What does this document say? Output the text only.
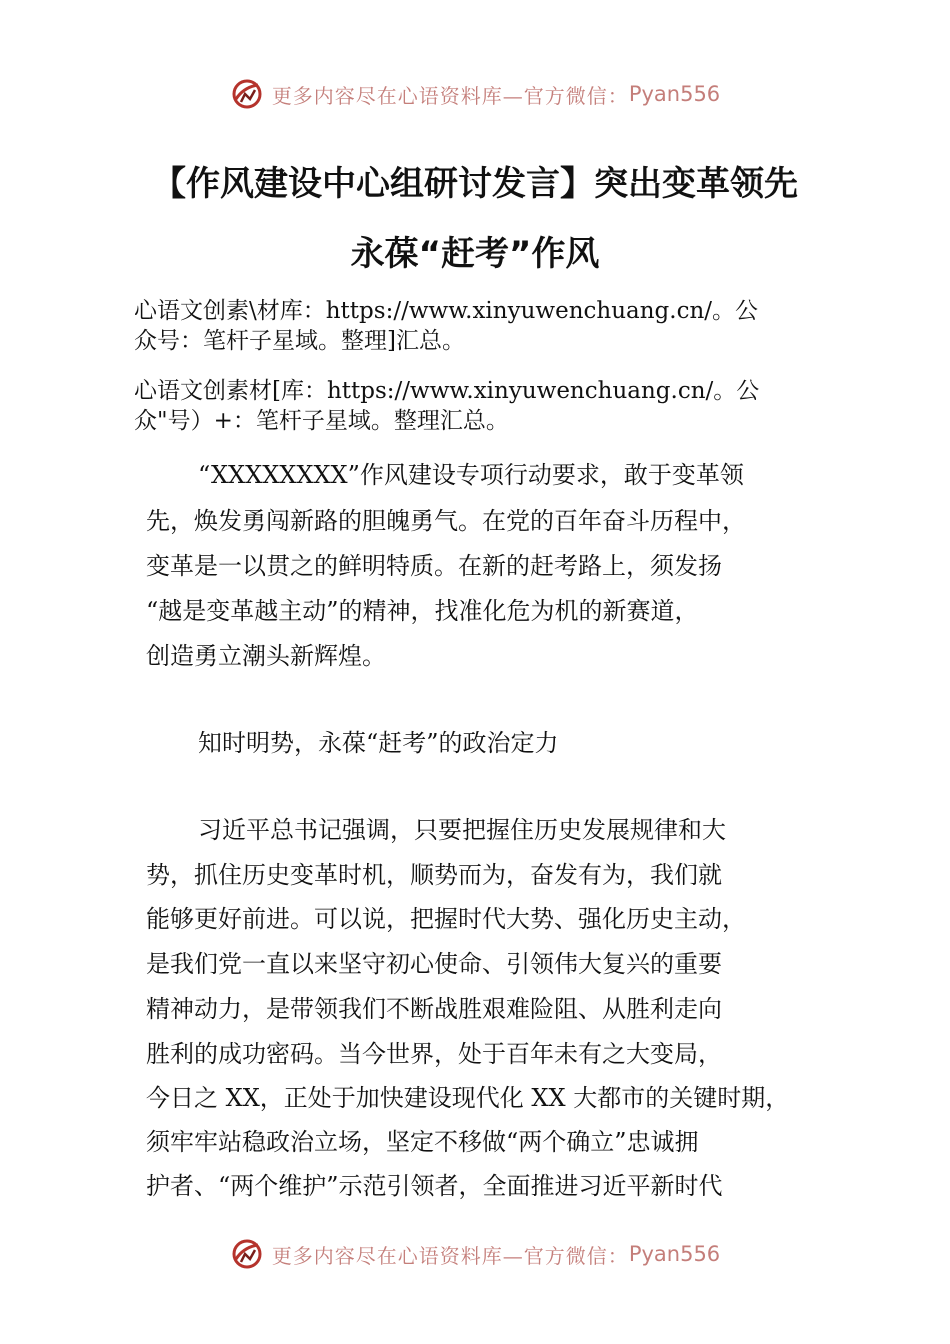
更多内容尽在心语资料库—官方微信： Pyan556
【作风建设中心组研讨发言】突出变革领先
永葆“赶考”作风
心语文创素\材库：https://www.xinyuwenchuang.cn/。公
众号：笔杆子星域。整理]汇总。
心语文创素材[库：https://www.xinyuwenchuang.cn/。公
众"号）+：笔杆子星域。整理汇总。
“XXXXXXXX”作风建设专项行动要求，敢于变革领
先，焕发勇闯新路的胆魄勇气。在党的百年奋斗历程中，
变革是一以贯之的鲜明特质。在新的赶考路上，须发扬
“越是变革越主动”的精神，找准化危为机的新赛道，
创造勇立潮头新辉煌。
知时明势，永葆“赶考”的政治定力
习近平总书记强调，只要把握住历史发展规律和大
势，抓住历史变革时机，顺势而为，奋发有为，我们就
能够更好前进。可以说，把握时代大势、强化历史主动，
是我们党一直以来坚守初心使命、引领伟大复兴的重要
精神动力，是带领我们不断战胜艰难险阻、从胜利走向
胜利的成功密码。当今世界，处于百年未有之大变局，
今日之 XX，正处于加快建设现代化 XX 大都市的关键时期，
须牢牢站稳政治立场，坚定不移做“两个确立”忠诚拥
护者、“两个维护”示范引领者，全面推进习近平新时代
更多内容尽在心语资料库—官方微信： Pyan556
